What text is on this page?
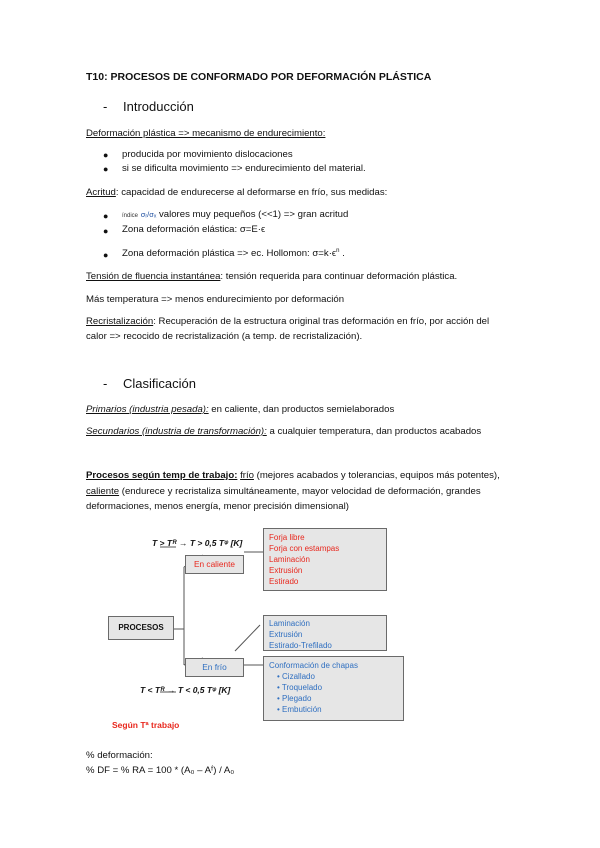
T10: PROCESOS DE CONFORMADO POR DEFORMACIÓN PLÁSTICA
- Introducción
Deformación plástica => mecanismo de endurecimiento:
● producida por movimiento dislocaciones
● si se dificulta movimiento => endurecimiento del material.
Acritud: capacidad de endurecerse al deformarse en frío, sus medidas:
● índice σᵣ/σₓ valores muy pequeños (<<1) => gran acritud
● Zona deformación elástica: σ=E·ϵ
● Zona deformación plástica => ec. Hollomon: $\sigma=k\cdot\epsilon^n$ .
Tensión de fluencia instantánea: tensión requerida para continuar deformación plástica.
Más temperatura => menos endurecimiento por deformación
Recristalización: Recuperación de la estructura original tras deformación en frío, por acción del
calor => recocido de recristalización (a temp. de recristalización).
- Clasificación
Primarios (industria pesada): en caliente, dan productos semielaborados
Secundarios (industria de transformación): a cualquier temperatura, dan productos acabados
Procesos según temp de trabajo: frío (mejores acabados y tolerancias, equipos más potentes),
caliente (endurece y recristaliza simultáneamente, mayor velocidad de deformación, grandes
deformaciones, menos energía, menor precisión dimensional)
T > Tᴿ → T > 0,5 Tᵠ [K]
T < Tᴿ → T < 0,5 Tᵠ [K]
PROCESOS
En caliente
En frío
Forja libre
Forja con estampas
Laminación
Extrusión
Estirado
Laminación
Extrusión
Estirado-Trefilado
Conformación de chapas
• Cizallado
• Troquelado
• Plegado
• Embutición
Según Tª trabajo
% deformación:
% DF = % RA = 100 * (A₀ – Aᶠ) / A₀
